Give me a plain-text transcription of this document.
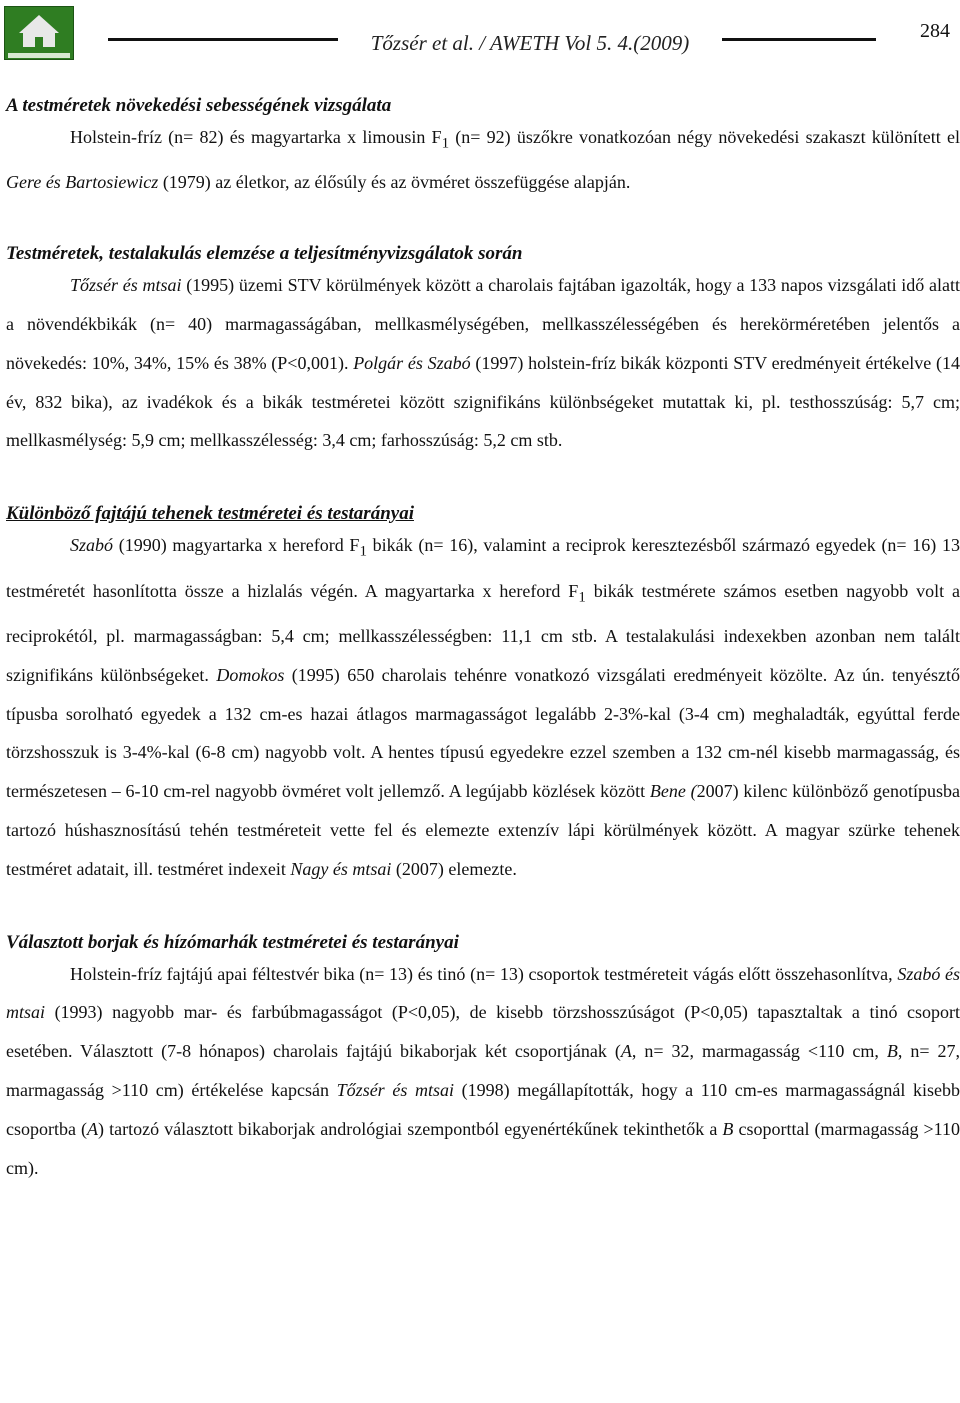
Tőzsér et al. / AWETH Vol 5. 4.(2009)	284
A testméretek növekedési sebességének vizsgálata

Holstein-fríz (n= 82) és magyartarka x limousin $F_1$ (n= 92) üszőkre vonatkozóan négy növekedési szakaszt különített el Gere és Bartosiewicz (1979) az életkor, az élősúly és az övméret összefüggése alapján.

Testméretek, testalakulás elemzése a teljesítményvizsgálatok során

Tőzsér és mtsai (1995) üzemi STV körülmények között a charolais fajtában igazolták, hogy a 133 napos vizsgálati idő alatt a növendékbikák (n= 40) marmagasságában, mellkasmélységében, mellkasszélességében és herekörméretében jelentős a növekedés: 10%, 34%, 15% és 38% (P<0,001). Polgár és Szabó (1997) holstein-fríz bikák központi STV eredményeit értékelve (14 év, 832 bika), az ivadékok és a bikák testméretei között szignifikáns különbségeket mutattak ki, pl. testhosszúság: 5,7 cm; mellkasmélység: 5,9 cm; mellkasszélesség: 3,4 cm; farhosszúság: 5,2 cm stb.

Különböző fajtájú tehenek testméretei és testarányai

Szabó (1990) magyartarka x hereford $F_1$ bikák (n= 16), valamint a reciprok keresztezésből származó egyedek (n= 16) 13 testméretét hasonlította össze a hizlalás végén. A magyartarka x hereford $F_1$ bikák testmérete számos esetben nagyobb volt a reciprokétól, pl. marmagasságban: 5,4 cm; mellkasszélességben: 11,1 cm stb. A testalakulási indexekben azonban nem talált szignifikáns különbségeket. Domokos (1995) 650 charolais tehénre vonatkozó vizsgálati eredményeit közölte. Az ún. tenyésztő típusba sorolható egyedek a 132 cm-es hazai átlagos marmagasságot legalább 2-3%-kal (3-4 cm) meghaladták, egyúttal ferde törzshosszuk is 3-4%-kal (6-8 cm) nagyobb volt. A hentes típusú egyedekre ezzel szemben a 132 cm-nél kisebb marmagasság, és természetesen – 6-10 cm-rel nagyobb övméret volt jellemző. A legújabb közlések között Bene (2007) kilenc különböző genotípusba tartozó húshasznosítású tehén testméreteit vette fel és elemezte extenzív lápi körülmények között. A magyar szürke tehenek testméret adatait, ill. testméret indexeit Nagy és mtsai (2007) elemezte.

Választott borjak és hízómarhák testméretei és testarányai

Holstein-fríz fajtájú apai féltestvér bika (n= 13) és tinó (n= 13) csoportok testméreteit vágás előtt összehasonlítva, Szabó és mtsai (1993) nagyobb mar- és farbúbmagasságot (P<0,05), de kisebb törzshosszúságot (P<0,05) tapasztaltak a tinó csoport esetében. Választott (7-8 hónapos) charolais fajtájú bikaborjak két csoportjának (A, n= 32, marmagasság <110 cm, B, n= 27, marmagasság >110 cm) értékelése kapcsán Tőzsér és mtsai (1998) megállapították, hogy a 110 cm-es marmagasságnál kisebb csoportba (A) tartozó választott bikaborjak andrológiai szempontból egyenértékűnek tekinthetők a B csoporttal (marmagasság >110 cm).
